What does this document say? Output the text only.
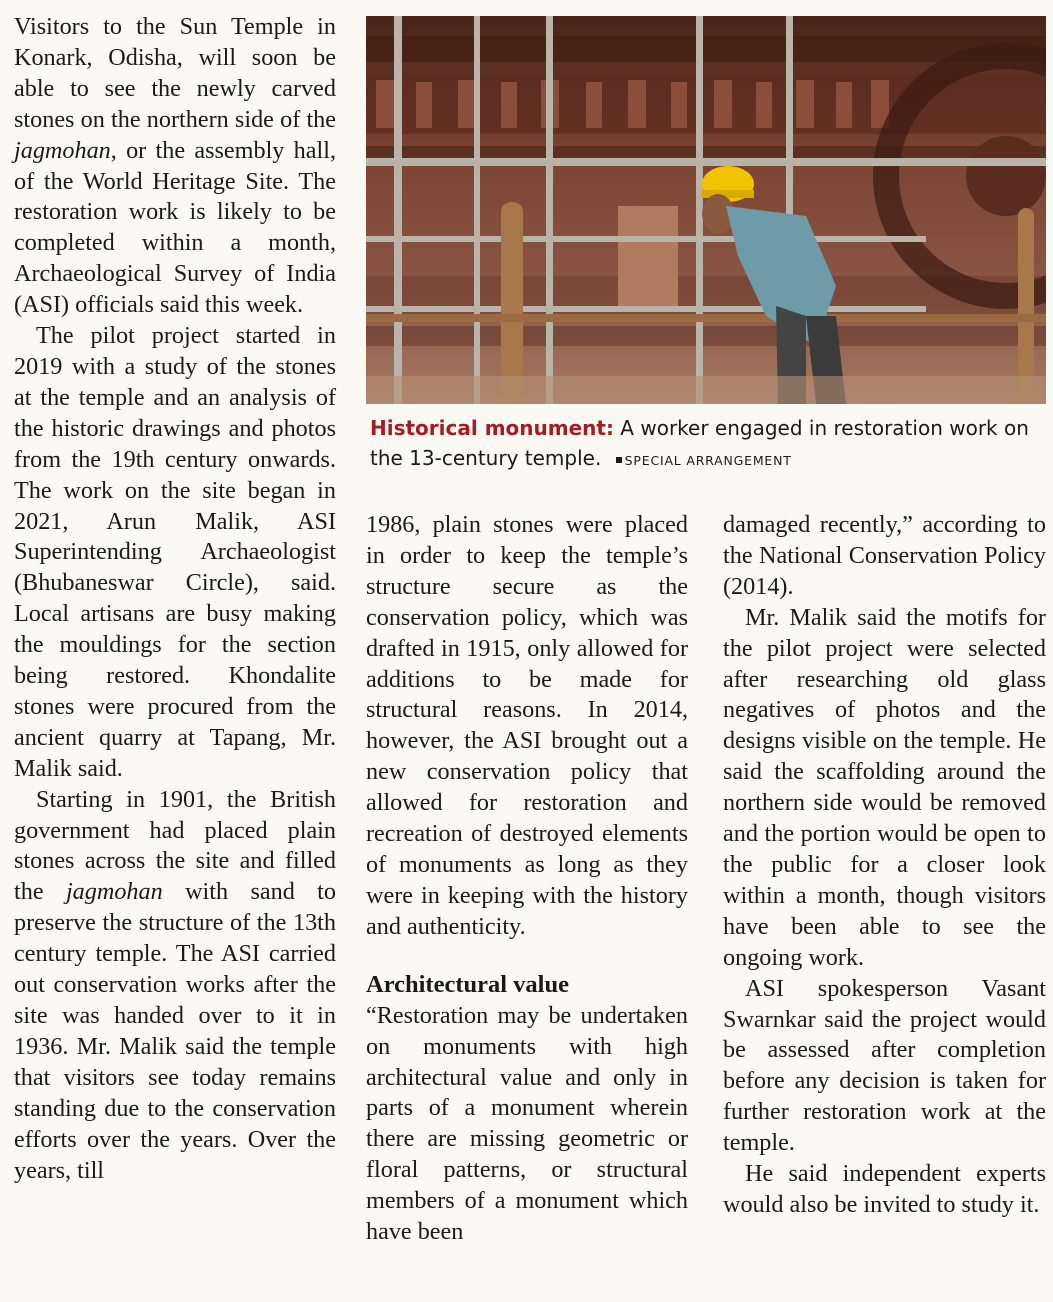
Historical monument: A worker engaged in restoration work on the 13-century temple. SPECIAL ARRANGEMENT

Visitors to the Sun Temple in Konark, Odisha, will soon be able to see the newly carved stones on the northern side of the jagmohan, or the assembly hall, of the World Heritage Site. The restoration work is likely to be completed within a month, Archaeological Survey of India (ASI) officials said this week.

The pilot project started in 2019 with a study of the stones at the temple and an analysis of the historic drawings and photos from the 19th century onwards. The work on the site began in 2021, Arun Malik, ASI Superintending Archaeologist (Bhubaneswar Circle), said. Local artisans are busy making the mouldings for the section being restored. Khondalite stones were procured from the ancient quarry at Tapang, Mr. Malik said.

Starting in 1901, the British government had placed plain stones across the site and filled the jagmohan with sand to preserve the structure of the 13th century temple. The ASI carried out conservation works after the site was handed over to it in 1936. Mr. Malik said the temple that visitors see today remains standing due to the conservation efforts over the years. Over the years, till

1986, plain stones were placed in order to keep the temple’s structure secure as the conservation policy, which was drafted in 1915, only allowed for additions to be made for structural reasons. In 2014, however, the ASI brought out a new conservation policy that allowed for restoration and recreation of destroyed elements of monuments as long as they were in keeping with the history and authenticity.

Architectural value

“Restoration may be undertaken on monuments with high architectural value and only in parts of a monument wherein there are missing geometric or floral patterns, or structural members of a monument which have been

damaged recently,” according to the National Conservation Policy (2014).

Mr. Malik said the motifs for the pilot project were selected after researching old glass negatives of photos and the designs visible on the temple. He said the scaffolding around the northern side would be removed and the portion would be open to the public for a closer look within a month, though visitors have been able to see the ongoing work.

ASI spokesperson Vasant Swarnkar said the project would be assessed after completion before any decision is taken for further restoration work at the temple.

He said independent experts would also be invited to study it.
